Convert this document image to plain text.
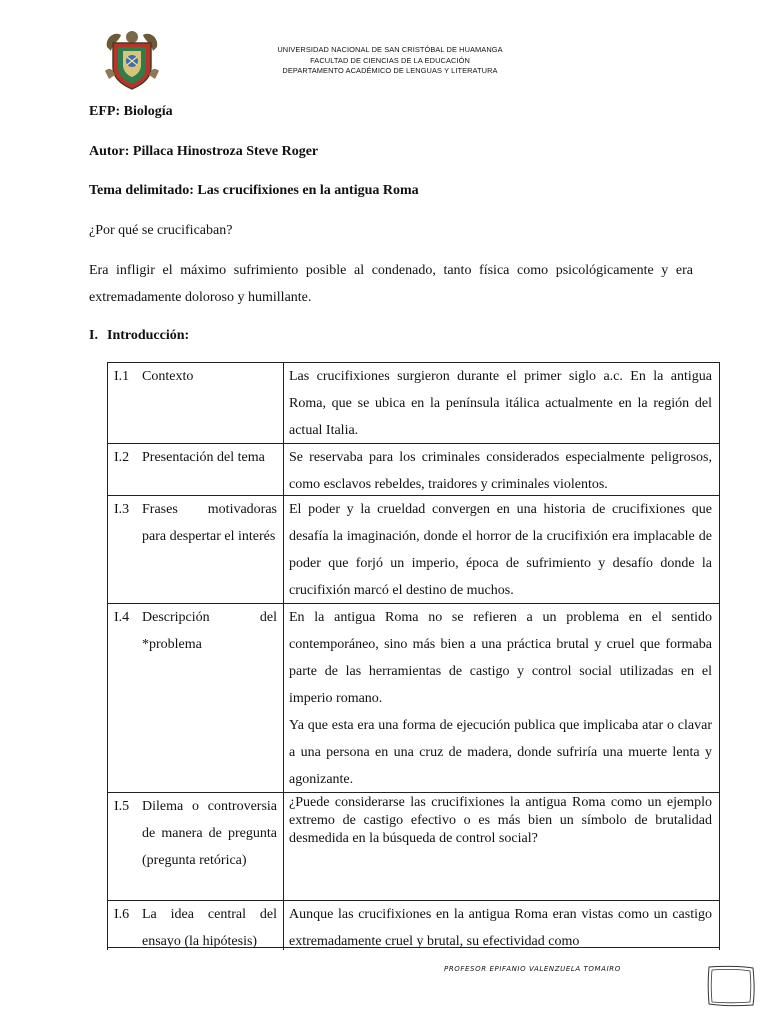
UNIVERSIDAD NACIONAL DE SAN CRISTÓBAL DE HUAMANGA
FACULTAD DE CIENCIAS DE LA EDUCACIÓN
DEPARTAMENTO ACADÉMICO DE LENGUAS Y LITERATURA
EFP: Biología
Autor: Pillaca Hinostroza Steve Roger
Tema delimitado: Las crucifixiones en la antigua Roma
¿Por qué se crucificaban?
Era infligir el máximo sufrimiento posible al condenado, tanto física como psicológicamente y era extremadamente doloroso y humillante.
I. Introducción:
I.1 Contexto	Las crucifixiones surgieron durante el primer siglo a.c. En la antigua Roma, que se ubica en la península itálica actualmente en la región del actual Italia.

I.2 Presentación del tema	Se reservaba para los criminales considerados especialmente peligrosos, como esclavos rebeldes, traidores y criminales violentos.

I.3 Frases motivadoras para despertar el interés

El poder y la crueldad convergen en una historia de crucifixiones que desafía la imaginación, donde el horror de la crucifixión era implacable de poder que forjó un imperio, época de sufrimiento y desafío donde la crucifixión marcó el destino de muchos.

I.4 Descripción del *problema

En la antigua Roma no se refieren a un problema en el sentido contemporáneo, sino más bien a una práctica brutal y cruel que formaba parte de las herramientas de castigo y control social utilizadas en el imperio romano.

Ya que esta era una forma de ejecución publica que implicaba atar o clavar a una persona en una cruz de madera, donde sufriría una muerte lenta y agonizante.

I.5 Dilema o controversia de manera de pregunta (pregunta retórica)

¿Puede considerarse las crucifixiones la antigua Roma como un ejemplo extremo de castigo efectivo o es más bien un símbolo de brutalidad desmedida en la búsqueda de control social?

I.6 La idea central del ensayo (la hipótesis)

Aunque las crucifixiones en la antigua Roma eran vistas como un castigo extremadamente cruel y brutal, su efectividad como

PROFESOR EPIFANIO VALENZUELA TOMAIRO
